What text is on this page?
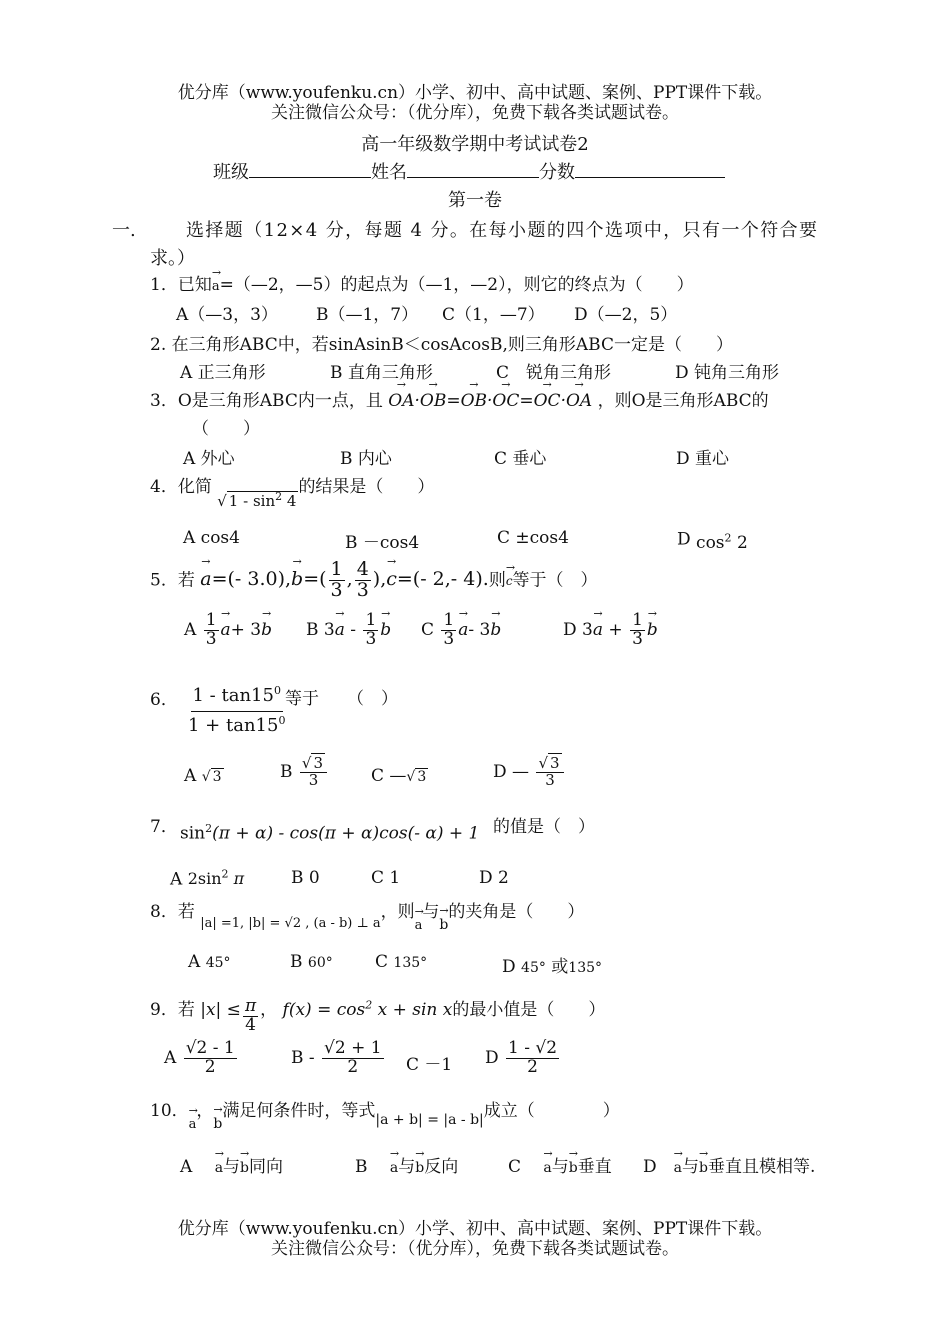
优分库（www.youfenku.cn）小学、初中、高中试题、案例、PPT课件下载。
关注微信公众号：（优分库），免费下载各类试题试卷。
高一年级数学期中考试试卷2
班级	姓名	分数
第一卷
一.	选择题（12×4 分，每题 4 分。在每小题的四个选项中，只有一个符合要
求。）
1．已知→ a=（—2，—5）的起点为（—1，—2），则它的终点为（　　）
A（—3，3） B（—1，7） C（1，—7） D（—2，5）
2. 在三角形ABC中，若sinAsinB＜cosAcosB,则三角形ABC一定是（　　）
A 正三角形	B 直角三角形	C　锐角三角形	D 钝角三角形
3．O是三角形ABC内一点，且 → OA·→ OB=→ OB·→ OC=→ OC·→ OA ，则O是三角形ABC的
（　　）
A 外心	B 内心	C 垂心	D 重心
4．化简 √ $1 - \sin^2 4$的结果是（　　）
A cos4	B －cos4	C ±cos4	D $\cos^2 2$
5．若 → a=(- $3.0),\to b=( \frac{1}{3}$ , $\frac{4}{3}$ ),→ c=(- 2,- 4).则→ c等于（　）
A $\frac{1}{3}$
→ a+ 3→ b B $3\to a - \frac{1}{3}$
→ b C $\frac{1}{3}$
→ a- 3→ b	D $3\to a + \frac{1}{3}$
→ b
6． $\frac{1 - \tan 15^0}{1 + \tan 15^0}$
等于 （　）
A √ 3	B $\frac{√ 3}{3}$	C —√ 3	D — $\frac{√ 3}{3}$
7． $\sin^2(\pi + \alpha) - \cos(\pi + \alpha)\cos(-$ α) + 1 的值是（　）
A $2\sin^2$ π	B 0	C 1	D 2
8．若 $_{|a| =1, |b| = √2 , (a - b) \perp a}$，则→ a与→ b的夹角是（　　）
A 45°	B 60° C 135°	D 45° 或135°
9．若 $|x| \le \frac{\pi}{4}$ ， $f(x) = \cos^2 x + \sin x$的最小值是（　　）
A $\frac{√2 - 1}{2}$	B - $\frac{√2 + 1}{2}$ C －1 D $\frac{1 - √2}{2}$
10．→ a，→ b满足何条件时，等式$_{|a + b| = |a - b|}$成立（　　　　）
A　 → a与→ b同向	B　 → a与→ b反向	C　 → a与→ b垂直 D　→ a与→ b垂直且模相等.
优分库（www.youfenku.cn）小学、初中、高中试题、案例、PPT课件下载。
关注微信公众号：（优分库），免费下载各类试题试卷。
